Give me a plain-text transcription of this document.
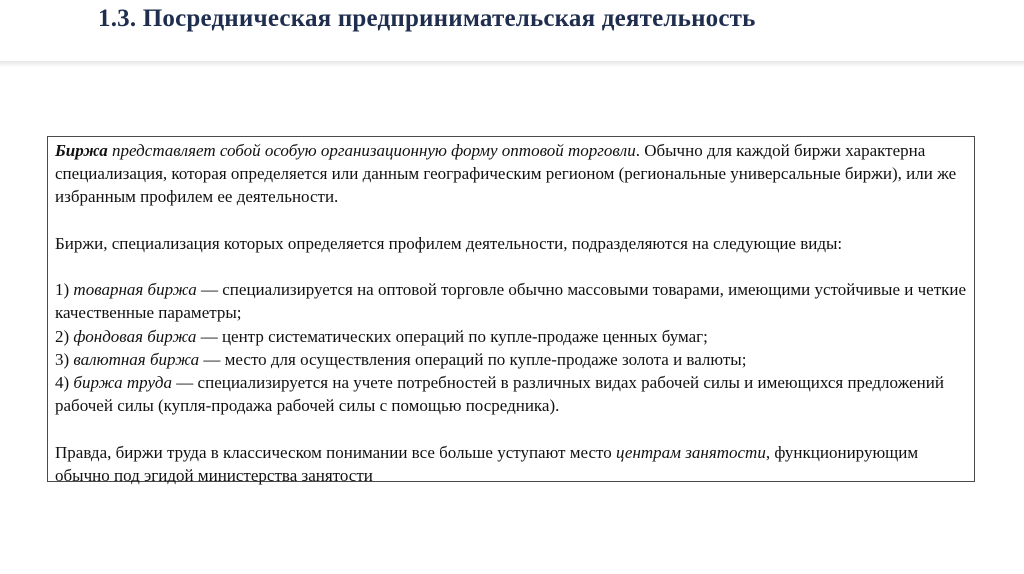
1.3. Посредническая предпринимательская деятельность

Биржа представляет собой особую организационную форму оптовой торговли. Обычно для каждой биржи характерна специализация, которая определяется или данным географическим регионом (региональные универсальные биржи), или же избранным профилем ее деятельности.

Биржи, специализация которых определяется профилем деятельности, подразделяются на следующие виды:

1) товарная биржа — специализируется на оптовой торговле обычно массовыми товарами, имеющими устойчивые и четкие качественные параметры;

2) фондовая биржа — центр систематических операций по купле-продаже ценных бумаг;

3) валютная биржа — место для осуществления операций по купле-продаже золота и валюты;

4) биржа труда — специализируется на учете потребностей в различных видах рабочей силы и имеющихся предложений рабочей силы (купля-продажа рабочей силы с помощью посредника).

Правда, биржи труда в классическом понимании все больше уступают место центрам занятости, функционирующим обычно под эгидой министерства занятости
